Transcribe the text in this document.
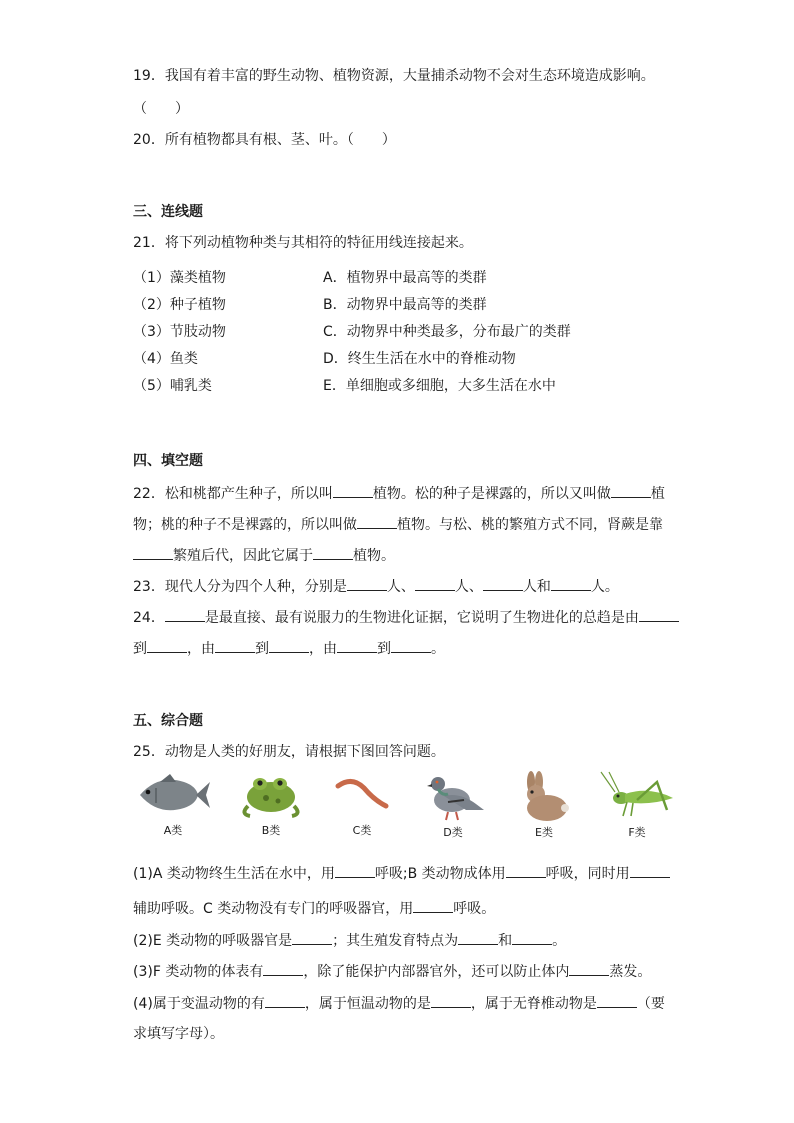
19．我国有着丰富的野生动物、植物资源，大量捕杀动物不会对生态环境造成影响。
（　　）
20．所有植物都具有根、茎、叶。（　　）
三、连线题
21．将下列动植物种类与其相符的特征用线连接起来。
（1）藻类植物
（2）种子植物
（3）节肢动物
（4）鱼类
（5）哺乳类
A．植物界中最高等的类群
B．动物界中最高等的类群
C．动物界中种类最多，分布最广的类群
D．终生生活在水中的脊椎动物
E．单细胞或多细胞，大多生活在水中
四、填空题
22．松和桃都产生种子，所以叫	植物。松的种子是裸露的，所以又叫做	植
物；桃的种子不是裸露的，所以叫做	植物。与松、桃的繁殖方式不同，肾蕨是靠
繁殖后代，因此它属于	植物。
23．现代人分为四个人种，分别是	人、	人、	人和	人。
24．	是最直接、最有说服力的生物进化证据，它说明了生物进化的总趋是由
到	，由	到	，由	到	。
五、综合题
25．动物是人类的好朋友，请根据下图回答问题。
A类	B类	C类	D类	E类	F类
(1)A 类动物终生生活在水中，用	呼吸;B 类动物成体用	呼吸，同时用
辅助呼吸。C 类动物没有专门的呼吸器官，用	呼吸。
(2)E 类动物的呼吸器官是	；其生殖发育特点为	和	。
(3)F 类动物的体表有	，除了能保护内部器官外，还可以防止体内	蒸发。
(4)属于变温动物的有	，属于恒温动物的是	，属于无脊椎动物是	（要
求填写字母）。
